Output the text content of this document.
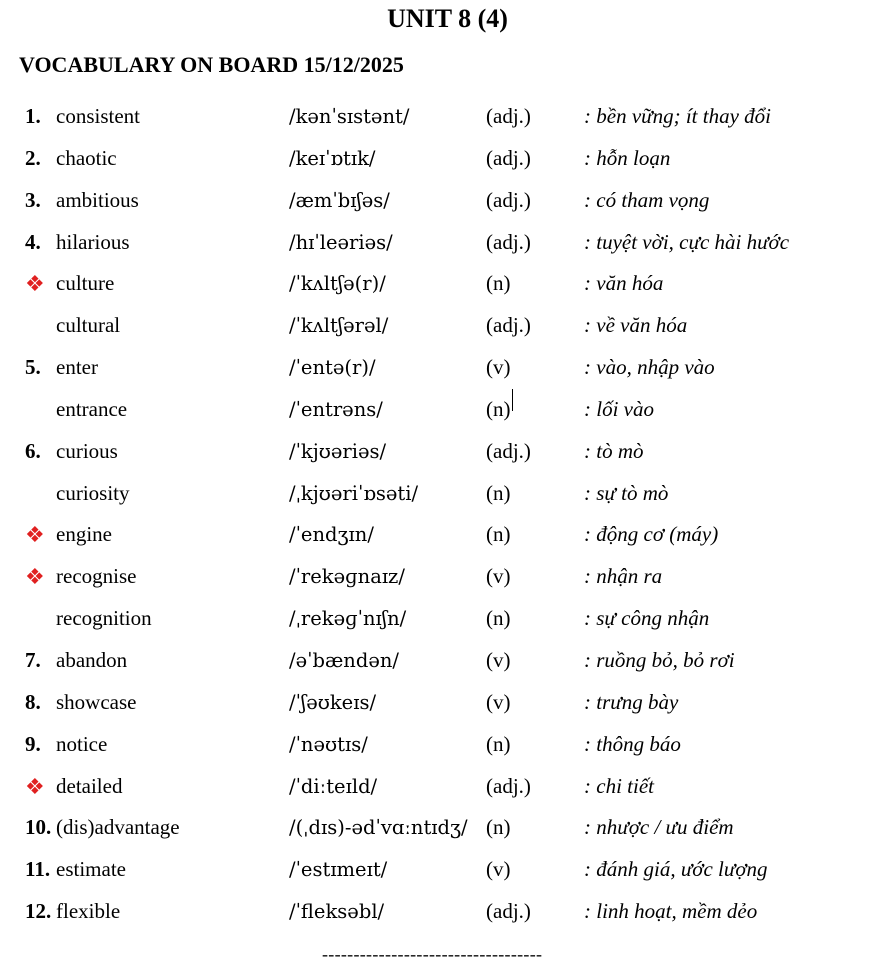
UNIT 8 (4)
VOCABULARY ON BOARD 15/12/2025
1. consistent	/kənˈsɪstənt/	(adj.)	: bền vững; ít thay đổi
2. chaotic	/keɪˈɒtɪk/	(adj.)	: hỗn loạn
3. ambitious	/æmˈbɪʃəs/	(adj.)	: có tham vọng
4. hilarious	/hɪˈleəriəs/	(adj.)	: tuyệt vời, cực hài hước
❖ culture	/ˈkʌltʃə(r)/	(n)	: văn hóa
cultural	/ˈkʌltʃərəl/	(adj.)	: về văn hóa
5. enter	/ˈentə(r)/	(v)	: vào, nhập vào
entrance	/ˈentrəns/	(n)	: lối vào
6. curious	/ˈkjʊəriəs/	(adj.)	: tò mò
curiosity	/ˌkjʊəriˈɒsəti/	(n)	: sự tò mò
❖ engine	/ˈendʒɪn/	(n)	: động cơ (máy)
❖ recognise	/ˈrekəɡnaɪz/	(v)	: nhận ra
recognition	/ˌrekəɡˈnɪʃn/	(n)	: sự công nhận
7. abandon	/əˈbændən/	(v)	: ruồng bỏ, bỏ rơi
8. showcase	/ˈʃəʊkeɪs/	(v)	: trưng bày
9. notice	/ˈnəʊtɪs/	(n)	: thông báo
❖ detailed	/ˈdiːteɪld/	(adj.)	: chi tiết
10. (dis)advantage	/(ˌdɪs)-ədˈvɑːntɪdʒ/ (n)	: nhược / ưu điểm
11. estimate	/ˈestɪmeɪt/	(v)	: đánh giá, ước lượng
12. flexible	/ˈfleksəbl/	(adj.)	: linh hoạt, mềm dẻo
-----------------------------------
